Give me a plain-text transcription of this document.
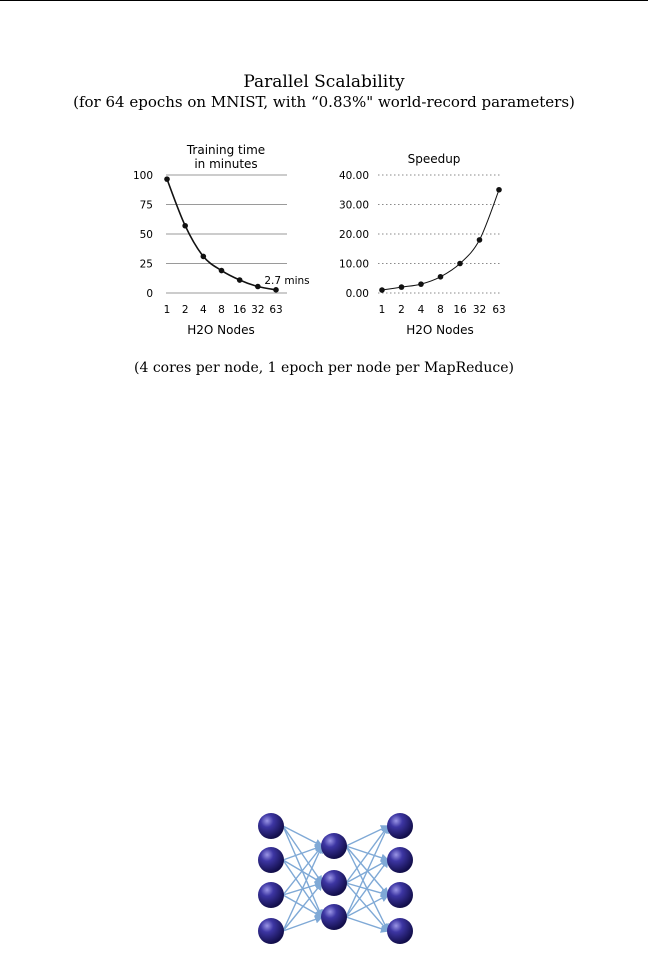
Parallel Scalability
(for 64 epochs on MNIST, with “0.83%" world-record parameters)
Training time
in minutes
100
75
50
25
0
1 2 4 8 16 32 63
2.7 mins
H2O Nodes
Speedup
40.00
30.00
20.00
10.00
0.00
1 2 4 8 16 32 63
H2O Nodes
(4 cores per node, 1 epoch per node per MapReduce)
